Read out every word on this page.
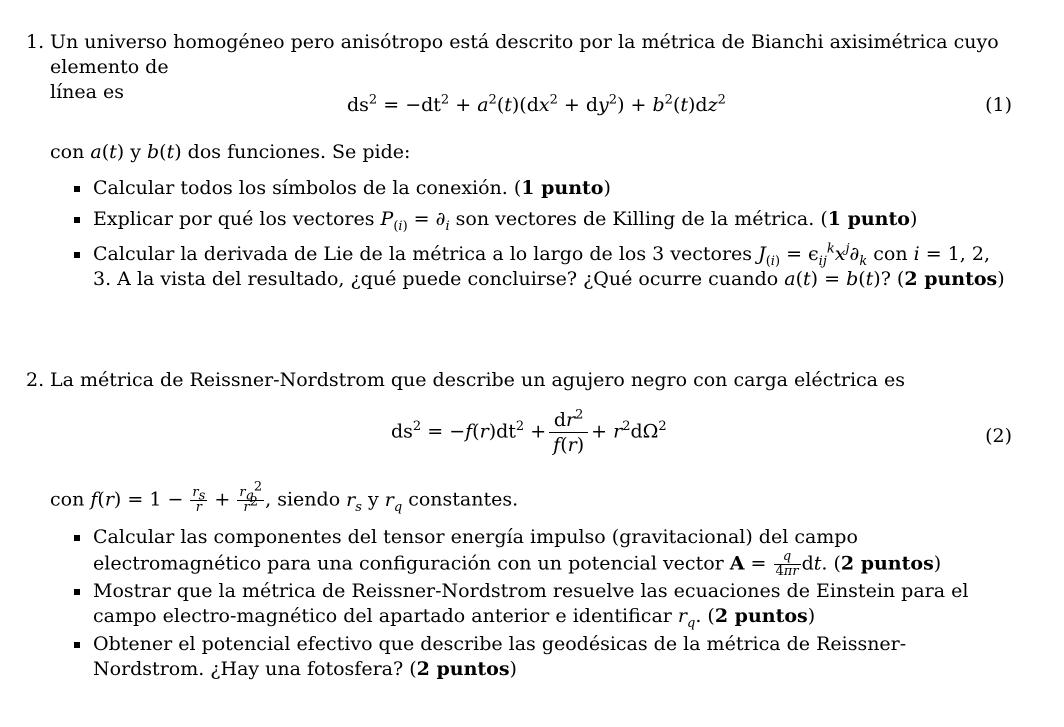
1. Un universo homogéneo pero anisótropo está descrito por la métrica de Bianchi axisimétrica cuyo elemento de
línea es
$ds^2 = -dt^2 + a^2(t)(dx^2 + dy^2) + b^2(t)dz^2$	(1)
con a(t) y b(t) dos funciones. Se pide:
Calcular todos los símbolos de la conexión. (1 punto)
Explicar por qué los vectores $P_{(i)} = \partial_i$ son vectores de Killing de la métrica. (1 punto)
Calcular la derivada de Lie de la métrica a lo largo de los 3 vectores $J_{(i)} = \epsilon_{ij}^kx^j\partial_k$ con i = 1, 2, 3. A la vista del resultado, ¿qué puede concluirse? ¿Qué ocurre cuando a(t) = b(t)? (2 puntos)
2. La métrica de Reissner-Nordstrom que describe un agujero negro con carga eléctrica es
$ds^2 = -f(r)dt^2 + \frac{dr^2}{f(r)} + r^2d\Omega^2$	(2)
con $f(r) = 1 - \frac{r_s}{r} + \frac{r_q^2}{r^2}$ , siendo $r_s$ y $r_q$ constantes.
Calcular las componentes del tensor energía impulso (gravitacional) del campo electromagnético para una configuración con un potencial vector $A = \frac{q}{4\pi r}$ dt. (2 puntos)
Mostrar que la métrica de Reissner-Nordstrom resuelve las ecuaciones de Einstein para el campo electro-magnético del apartado anterior e identificar $r_q$. (2 puntos)
Obtener el potencial efectivo que describe las geodésicas de la métrica de Reissner-Nordstrom. ¿Hay una fotosfera? (2 puntos)
